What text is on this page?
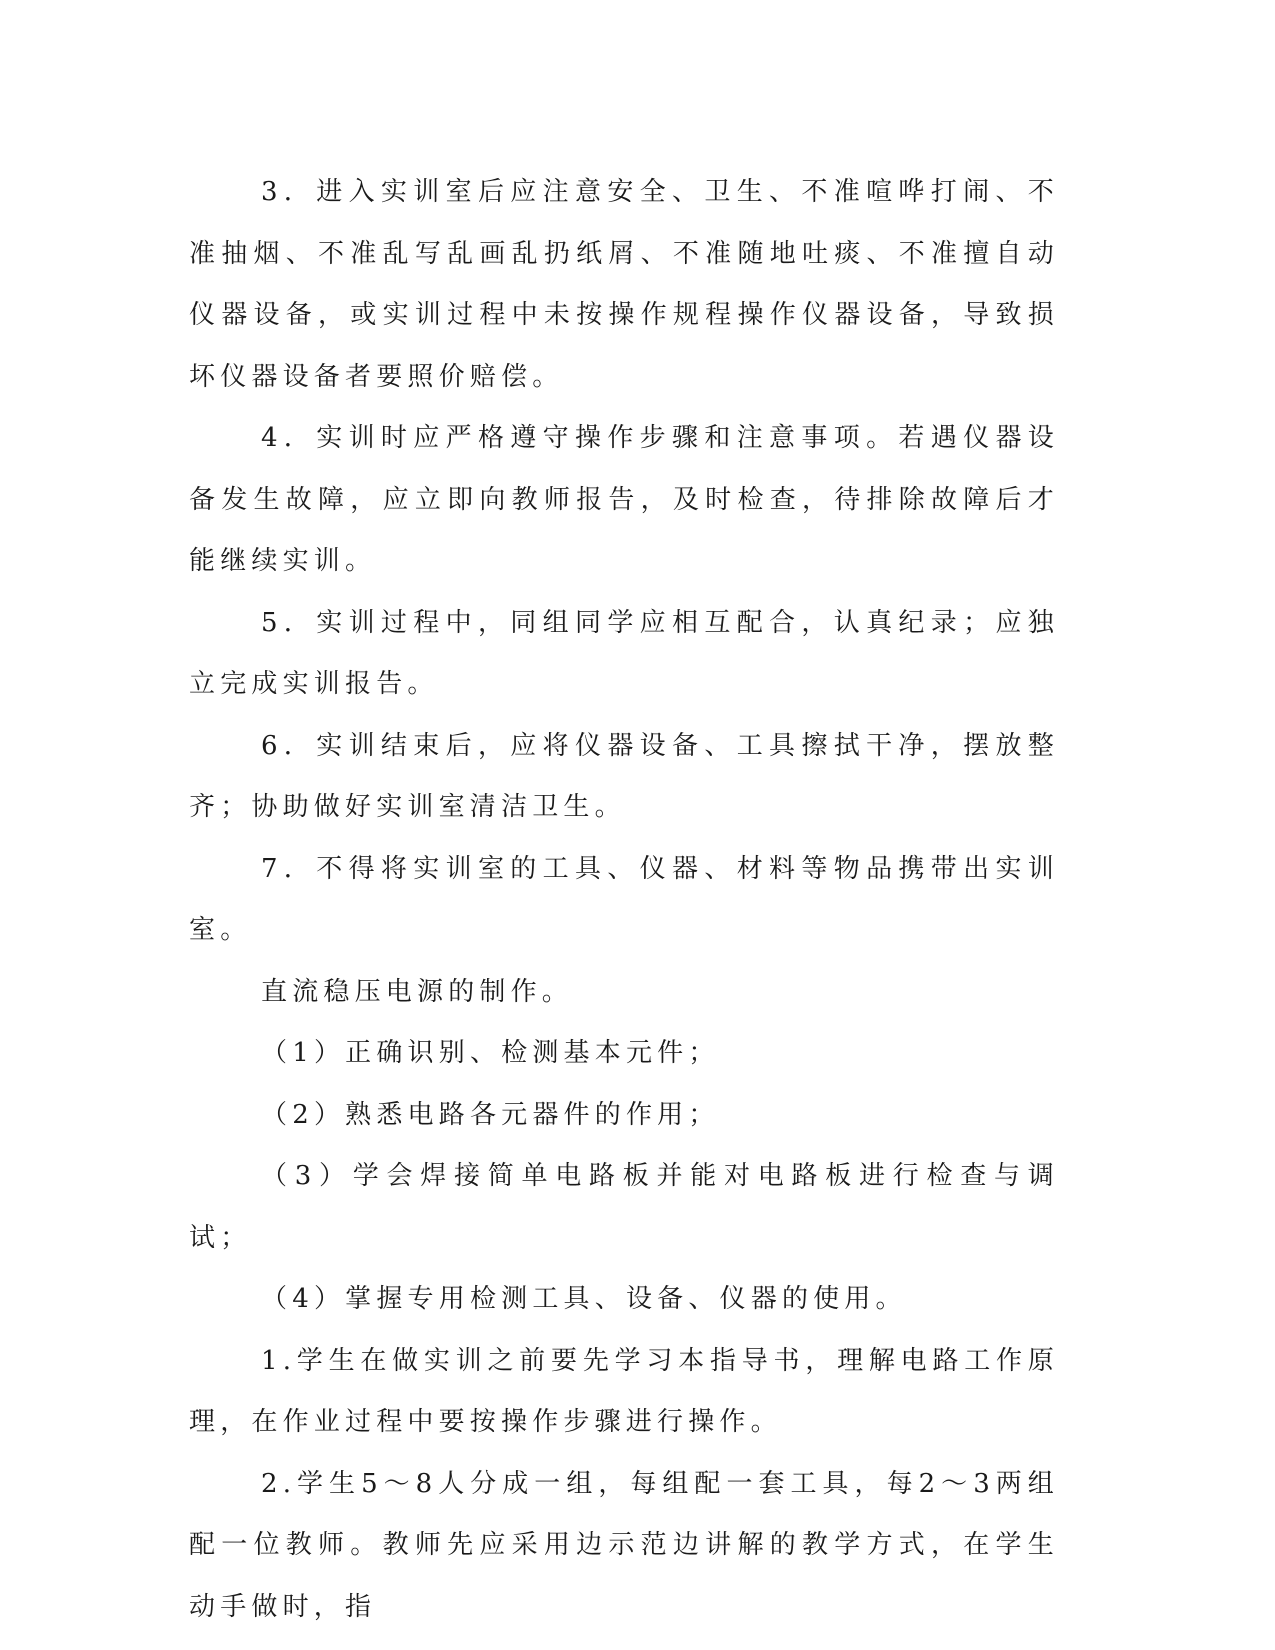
3．进入实训室后应注意安全、卫生、不准喧哗打闹、不准抽烟、不准乱写乱画乱扔纸屑、不准随地吐痰、不准擅自动仪器设备，或实训过程中未按操作规程操作仪器设备，导致损坏仪器设备者要照价赔偿。

4．实训时应严格遵守操作步骤和注意事项。若遇仪器设备发生故障，应立即向教师报告，及时检查，待排除故障后才能继续实训。

5．实训过程中，同组同学应相互配合，认真纪录；应独立完成实训报告。

6．实训结束后，应将仪器设备、工具擦拭干净，摆放整齐；协助做好实训室清洁卫生。

7．不得将实训室的工具、仪器、材料等物品携带出实训室。

直流稳压电源的制作。

（1）正确识别、检测基本元件；

（2）熟悉电路各元器件的作用；

（3）学会焊接简单电路板并能对电路板进行检查与调试；

（4）掌握专用检测工具、设备、仪器的使用。

1.学生在做实训之前要先学习本指导书，理解电路工作原理，在作业过程中要按操作步骤进行操作。

2.学生5～8人分成一组，每组配一套工具，每2～3两组配一位教师。教师先应采用边示范边讲解的教学方式，在学生动手做时，指
